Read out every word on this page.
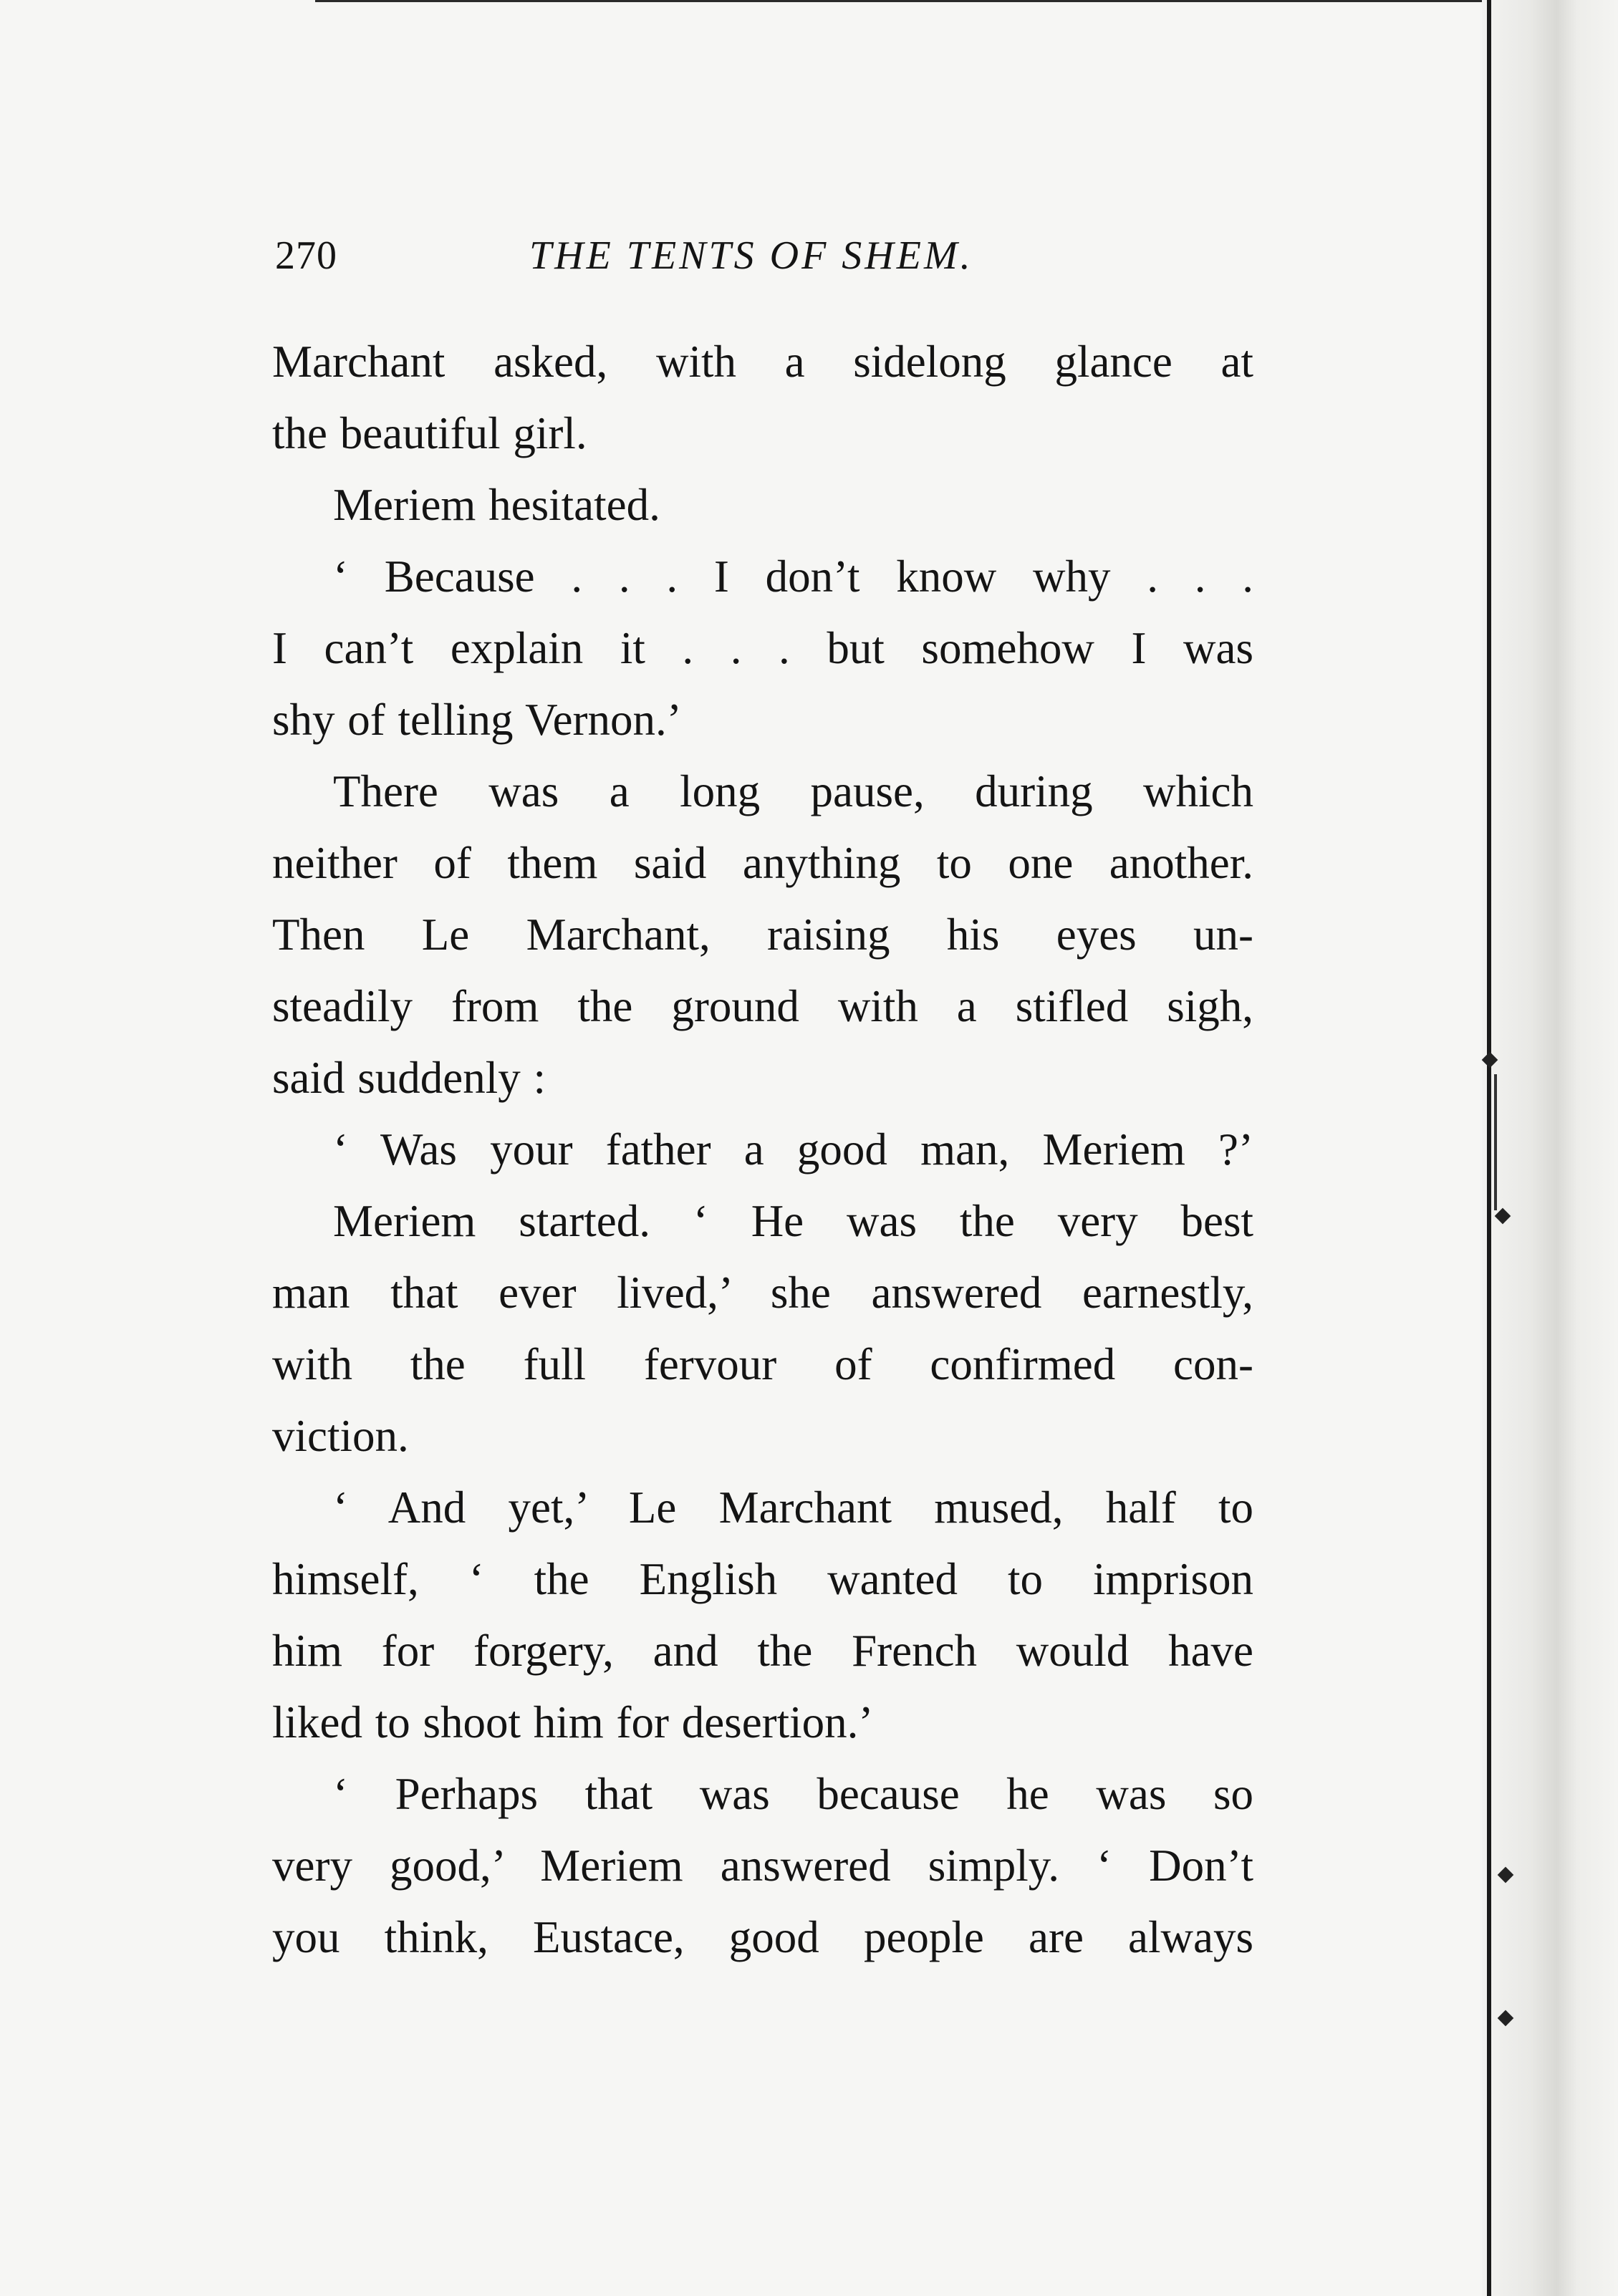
270	THE TENTS OF SHEM.
Marchant asked, with a sidelong glance at
the beautiful girl.
Meriem hesitated.
‘ Because . . . I don’t know why . . .
I can’t explain it . . . but somehow I was
shy of telling Vernon.’
There was a long pause, during which
neither of them said anything to one another.
Then Le Marchant, raising his eyes un-
steadily from the ground with a stifled sigh,
said suddenly :
‘ Was your father a good man, Meriem ?’
Meriem started. ‘ He was the very best
man that ever lived,’ she answered earnestly,
with the full fervour of confirmed con-
viction.
‘ And yet,’ Le Marchant mused, half to
himself, ‘ the English wanted to imprison
him for forgery, and the French would have
liked to shoot him for desertion.’
‘ Perhaps that was because he was so
very good,’ Meriem answered simply. ‘ Don’t
you think, Eustace, good people are always
